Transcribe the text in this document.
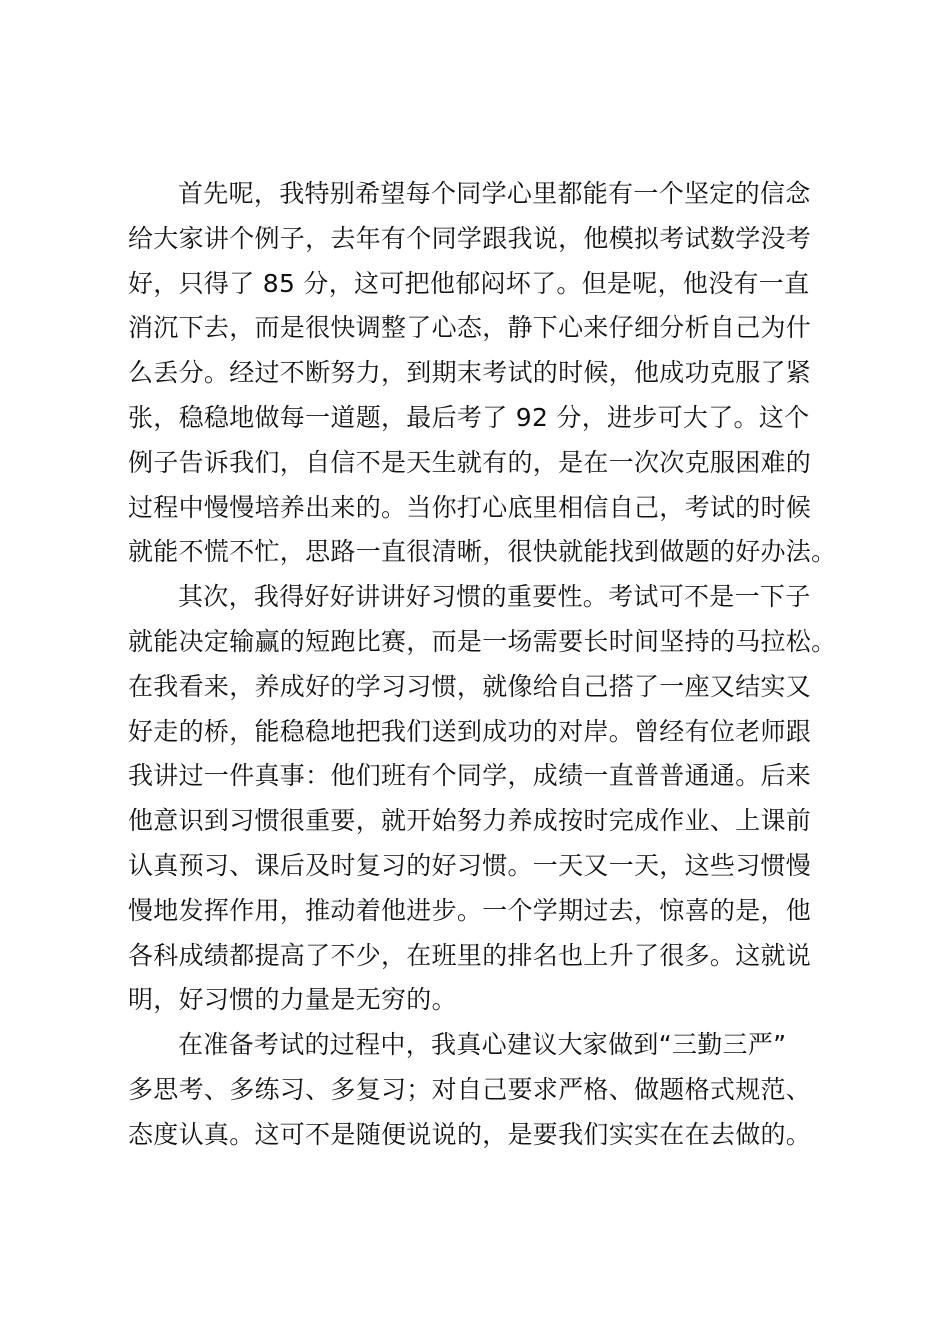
首先呢，我特别希望每个同学心里都能有一个坚定的信念
给大家讲个例子，去年有个同学跟我说，他模拟考试数学没考
好，只得了 85 分，这可把他郁闷坏了。但是呢，他没有一直
消沉下去，而是很快调整了心态，静下心来仔细分析自己为什
么丢分。经过不断努力，到期末考试的时候，他成功克服了紧
张，稳稳地做每一道题，最后考了 92 分，进步可大了。这个
例子告诉我们，自信不是天生就有的，是在一次次克服困难的
过程中慢慢培养出来的。当你打心底里相信自己，考试的时候
就能不慌不忙，思路一直很清晰，很快就能找到做题的好办法。
其次，我得好好讲讲好习惯的重要性。考试可不是一下子
就能决定输赢的短跑比赛，而是一场需要长时间坚持的马拉松。
在我看来，养成好的学习习惯，就像给自己搭了一座又结实又
好走的桥，能稳稳地把我们送到成功的对岸。曾经有位老师跟
我讲过一件真事：他们班有个同学，成绩一直普普通通。后来
他意识到习惯很重要，就开始努力养成按时完成作业、上课前
认真预习、课后及时复习的好习惯。一天又一天，这些习惯慢
慢地发挥作用，推动着他进步。一个学期过去，惊喜的是，他
各科成绩都提高了不少，在班里的排名也上升了很多。这就说
明，好习惯的力量是无穷的。
在准备考试的过程中，我真心建议大家做到“三勤三严”
多思考、多练习、多复习；对自己要求严格、做题格式规范、
态度认真。这可不是随便说说的，是要我们实实在在去做的。
